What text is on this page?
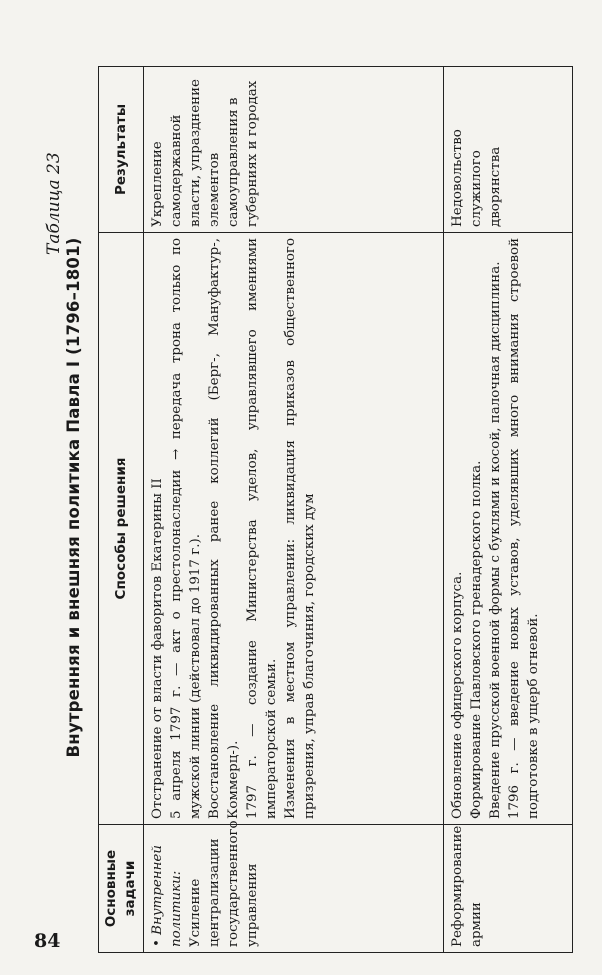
84
Таблица 23
Внутренняя и внешняя политика Павла I (1796–1801)
Основные задачи	Способы решения	Результаты

• Внутренней политики: Усиление централизации государственного управления	Отстранение от власти фаворитов Екатерины II 5 апреля 1797 г. — акт о престолонаследии → передача трона только по мужской линии (действовал до 1917 г.). Восстановление ликвидированных ранее коллегий (Берг-, Мануфактур-, Коммерц-). 1797 г. — создание Министерства уделов, управлявшего имениями императорской семьи. Изменения в местном управлении: ликвидация приказов общественного призрения, управ благочиния, городских дум	Укрепление самодержавной власти, упразднение элементов самоуправления в губерниях и городах

Реформирование армии	Обновление офицерского корпуса. Формирование Павловского гренадерского полка. Введение прусской военной формы с буклями и косой, палочная дисциплина. 1796 г. — введение новых уставов, уделявших много внимания строевой подготовке в ущерб огневой.	Недовольство служилого дворянства
